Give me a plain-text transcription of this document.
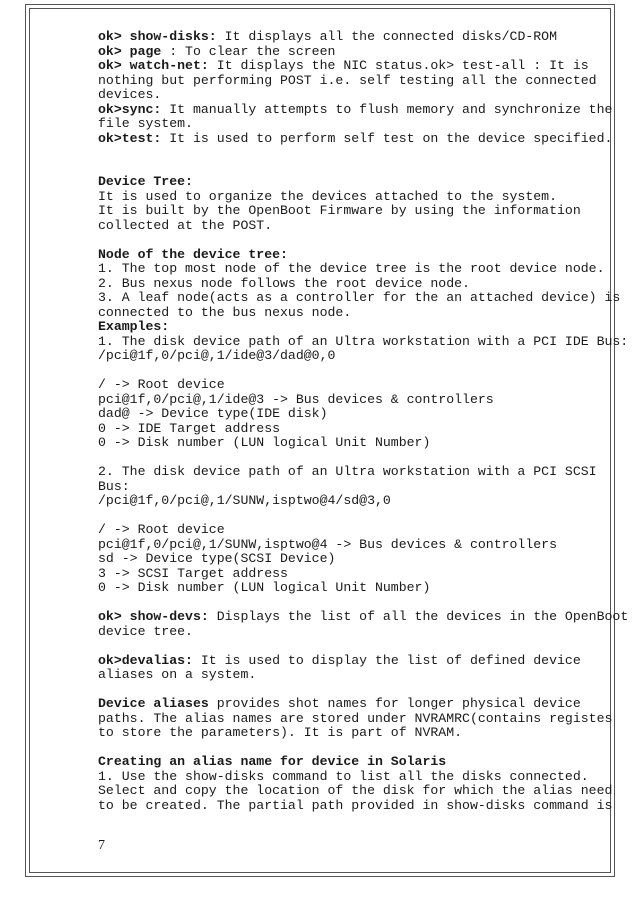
ok> show-disks: It displays all the connected disks/CD-ROM
ok> page : To clear the screen
ok> watch-net: It displays the NIC status.ok> test-all : It is
nothing but performing POST i.e. self testing all the connected
devices.
ok>sync: It manually attempts to flush memory and synchronize the
file system.
ok>test: It is used to perform self test on the device specified.
Device Tree:
It is used to organize the devices attached to the system.
It is built by the OpenBoot Firmware by using the information
collected at the POST.
Node of the device tree:
1. The top most node of the device tree is the root device node.
2. Bus nexus node follows the root device node.
3. A leaf node(acts as a controller for the an attached device) is
connected to the bus nexus node.
Examples:
1. The disk device path of an Ultra workstation with a PCI IDE Bus:
/pci@1f,0/pci@,1/ide@3/dad@0,0
/ -> Root device
pci@1f,0/pci@,1/ide@3 -> Bus devices & controllers
dad@ -> Device type(IDE disk)
0 -> IDE Target address
0 -> Disk number (LUN logical Unit Number)
2. The disk device path of an Ultra workstation with a PCI SCSI
Bus:
/pci@1f,0/pci@,1/SUNW,isptwo@4/sd@3,0
/ -> Root device
pci@1f,0/pci@,1/SUNW,isptwo@4 -> Bus devices & controllers
sd -> Device type(SCSI Device)
3 -> SCSI Target address
0 -> Disk number (LUN logical Unit Number)
ok> show-devs: Displays the list of all the devices in the OpenBoot
device tree.
ok>devalias: It is used to display the list of defined device
aliases on a system.
Device aliases provides shot names for longer physical device
paths. The alias names are stored under NVRAMRC(contains registes
to store the parameters). It is part of NVRAM.
Creating an alias name for device in Solaris
1. Use the show-disks command to list all the disks connected.
Select and copy the location of the disk for which the alias need
to be created. The partial path provided in show-disks command is
7
